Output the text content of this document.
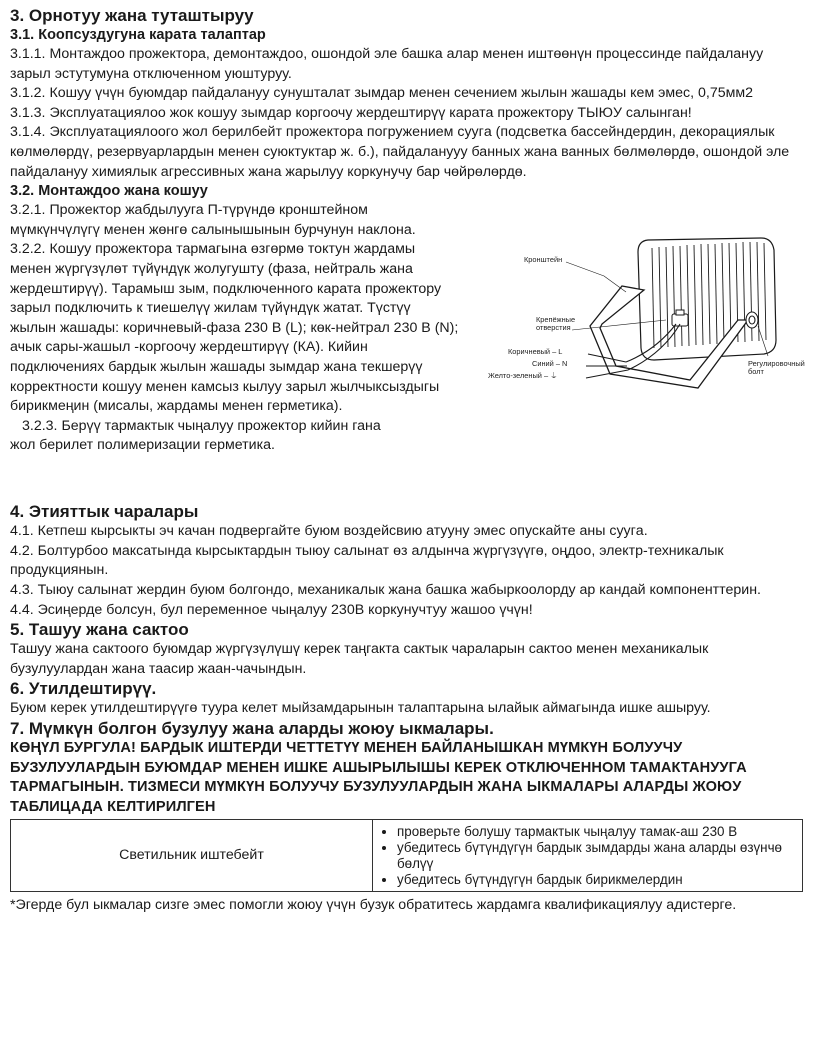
3. Орнотуу жана туташтыруу
3.1. Коопсуздугуна карата талаптар

3.1.1. Монтаждоо прожектора, демонтаждоо, ошондой эле башка алар менен иштөөнүн процессинде пайдалануу зарыл эстутумуна отключенном уюштуруу.

3.1.2. Кошуу үчүн буюмдар пайдалануу сунушталат зымдар менен сечением жылын жашады кем эмес, 0,75мм2

3.1.3. Эксплуатациялоо жок кошуу зымдар коргоочу жердештирүү карата прожектору ТЫЮУ салынган!

3.1.4. Эксплуатациялоого жол берилбейт прожектора погружением суугa (подсветка бассейндердин, декорациялык көлмөлөрдү, резервуарлардын менен суюктуктар ж. б.), пайдаланууу банных жана ванных бөлмөлөрдө, ошондой эле пайдалануу химиялык агрессивных жана жарылуу коркунучу бар чөйрөлөрдө.

3.2. Монтаждоо жана кошуу

3.2.1. Прожектор жабдылууга П-түрүндө кронштейном мүмкүнчүлүгү менен жөнгө салынышынын бурчунун наклона.

3.2.2. Кошуу прожектора тармагына өзгөрмө токтун жардамы менен жүргүзүлөт түйүндүк жолугушту (фаза, нейтраль жана жердештирүү). Тарамыш зым, подключенного карата прожектору зарыл подключить к тиешелүү жилам түйүндүк жатат. Түстүү жылын жашады: коричневый-фаза 230 В (L); көк-нейтрал 230 В (N); ачык сары-жашыл -коргоочу жердештирүү (КА). Кийин подключениях бардык жылын жашады зымдар жана текшерүү корректности кошуу менен камсыз кылуу зарыл жылчыксыздыгы бирикмеңин (мисалы, жардамы менен герметика).

3.2.3. Берүү тармактык чыңалуу прожектор кийин гана

жол берилет полимеризации герметика.

Кронштейн
Крепёжные
отверстия
Коричневый – L
Синий – N
Желто-зеленый – ⏚
Регулировочный
болт
4. Этияттык чаралары

4.1. Кетпеш кырсыкты эч качан подвергайте буюм воздейсвию атууну эмес опускайте аны суугa.

4.2. Болтурбоо максатында кырсыктардын тыюу салынат өз алдынча жүргүзүүгө, оңдоо, электр-техникалык продукциянын.

4.3. Тыюу салынат жердин буюм болгондо, механикалык жана башка жабыркоолорду ар кандай компоненттерин.

4.4. Эсиңерде болсун, бул переменное чыңалуу 230В коркунучтуу жашоо үчүн!

5. Ташуу жана сактоо

Ташуу жана сактоого буюмдар жүргүзүлүшү керек таңгакта сактык чараларын сактоо менен механикалык бузулуулардан жана таасир жаан-чачындын.

6. Утилдештирүү.

Буюм керек утилдештирүүгө туура келет мыйзамдарынын талаптарына ылайык аймагында ишке ашыруу.

7. Мүмкүн болгон бузулуу жана аларды жоюу ыкмалары.

КӨҢҮЛ БУРГУЛА! БАРДЫК ИШТЕРДИ ЧЕТТЕТҮҮ МЕНЕН БАЙЛАНЫШКАН МҮМКҮН БОЛУУЧУ БУЗУЛУУЛАРДЫН БУЮМДАР МЕНЕН ИШКЕ АШЫРЫЛЫШЫ КЕРЕК ОТКЛЮЧЕННОМ ТАМАКТАНУУГА ТАРМАГЫНЫН. ТИЗМЕСИ МҮМКҮН БОЛУУЧУ БУЗУЛУУЛАРДЫН ЖАНА ЫКМАЛАРЫ АЛАРДЫ ЖОЮУ ТАБЛИЦАДА КЕЛТИРИЛГЕН

Светильник иштебейт	
• проверьте болушу тармактык чыңалуу тамак-аш 230 В
• убедитесь бүтүндүгүн бардык зымдарды жана аларды өзүнчө бөлүү
• убедитесь бүтүндүгүн бардык бирикмелердин

*Эгерде бул ыкмалар сизге эмес помогли жоюу үчүн бузук обратитесь жардамга квалификациялуу адистерге.
